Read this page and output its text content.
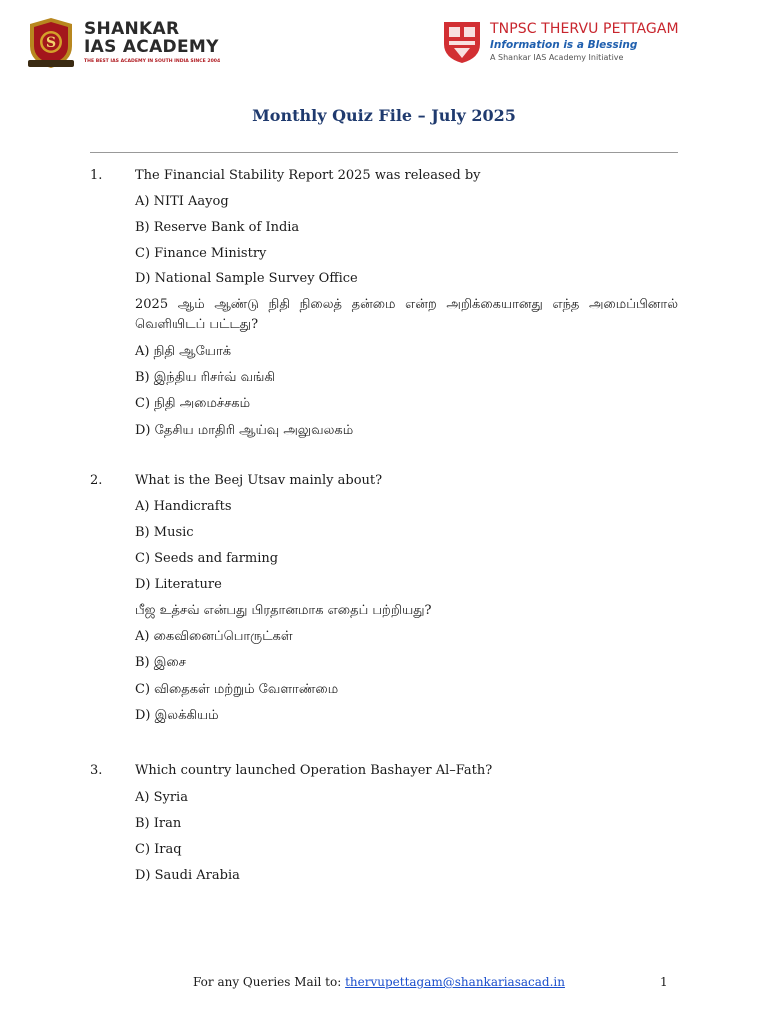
S
SHANKAR
IAS ACADEMY
THE BEST IAS ACADEMY IN SOUTH INDIA SINCE 2004
TNPSC THERVU PETTAGAM
Information is a Blessing
A Shankar IAS Academy Initiative
Monthly Quiz File – July 2025
1.	The Financial Stability Report 2025 was released by
A) NITI Aayog
B) Reserve Bank of India
C) Finance Ministry
D) National Sample Survey Office
2025 ஆம் ஆண்டு நிதி நிலைத் தன்மை என்ற அறிக்கையானது எந்த அமைப்பினால் வெளியிடப் பட்டது?
A) நிதி ஆயோக்
B) இந்திய ரிசர்வ் வங்கி
C) நிதி அமைச்சகம்
D) தேசிய மாதிரி ஆய்வு அலுவலகம்
2.	What is the Beej Utsav mainly about?
A) Handicrafts
B) Music
C) Seeds and farming
D) Literature
பீஜ உத்சவ் என்பது பிரதானமாக எதைப் பற்றியது?
A) கைவினைப்பொருட்கள்
B) இசை
C) விதைகள் மற்றும் வேளாண்மை
D) இலக்கியம்
3.	Which country launched Operation Bashayer Al–Fath?
A) Syria
B) Iran
C) Iraq
D) Saudi Arabia
For any Queries Mail to: thervupettagam@shankariasacad.in	1
